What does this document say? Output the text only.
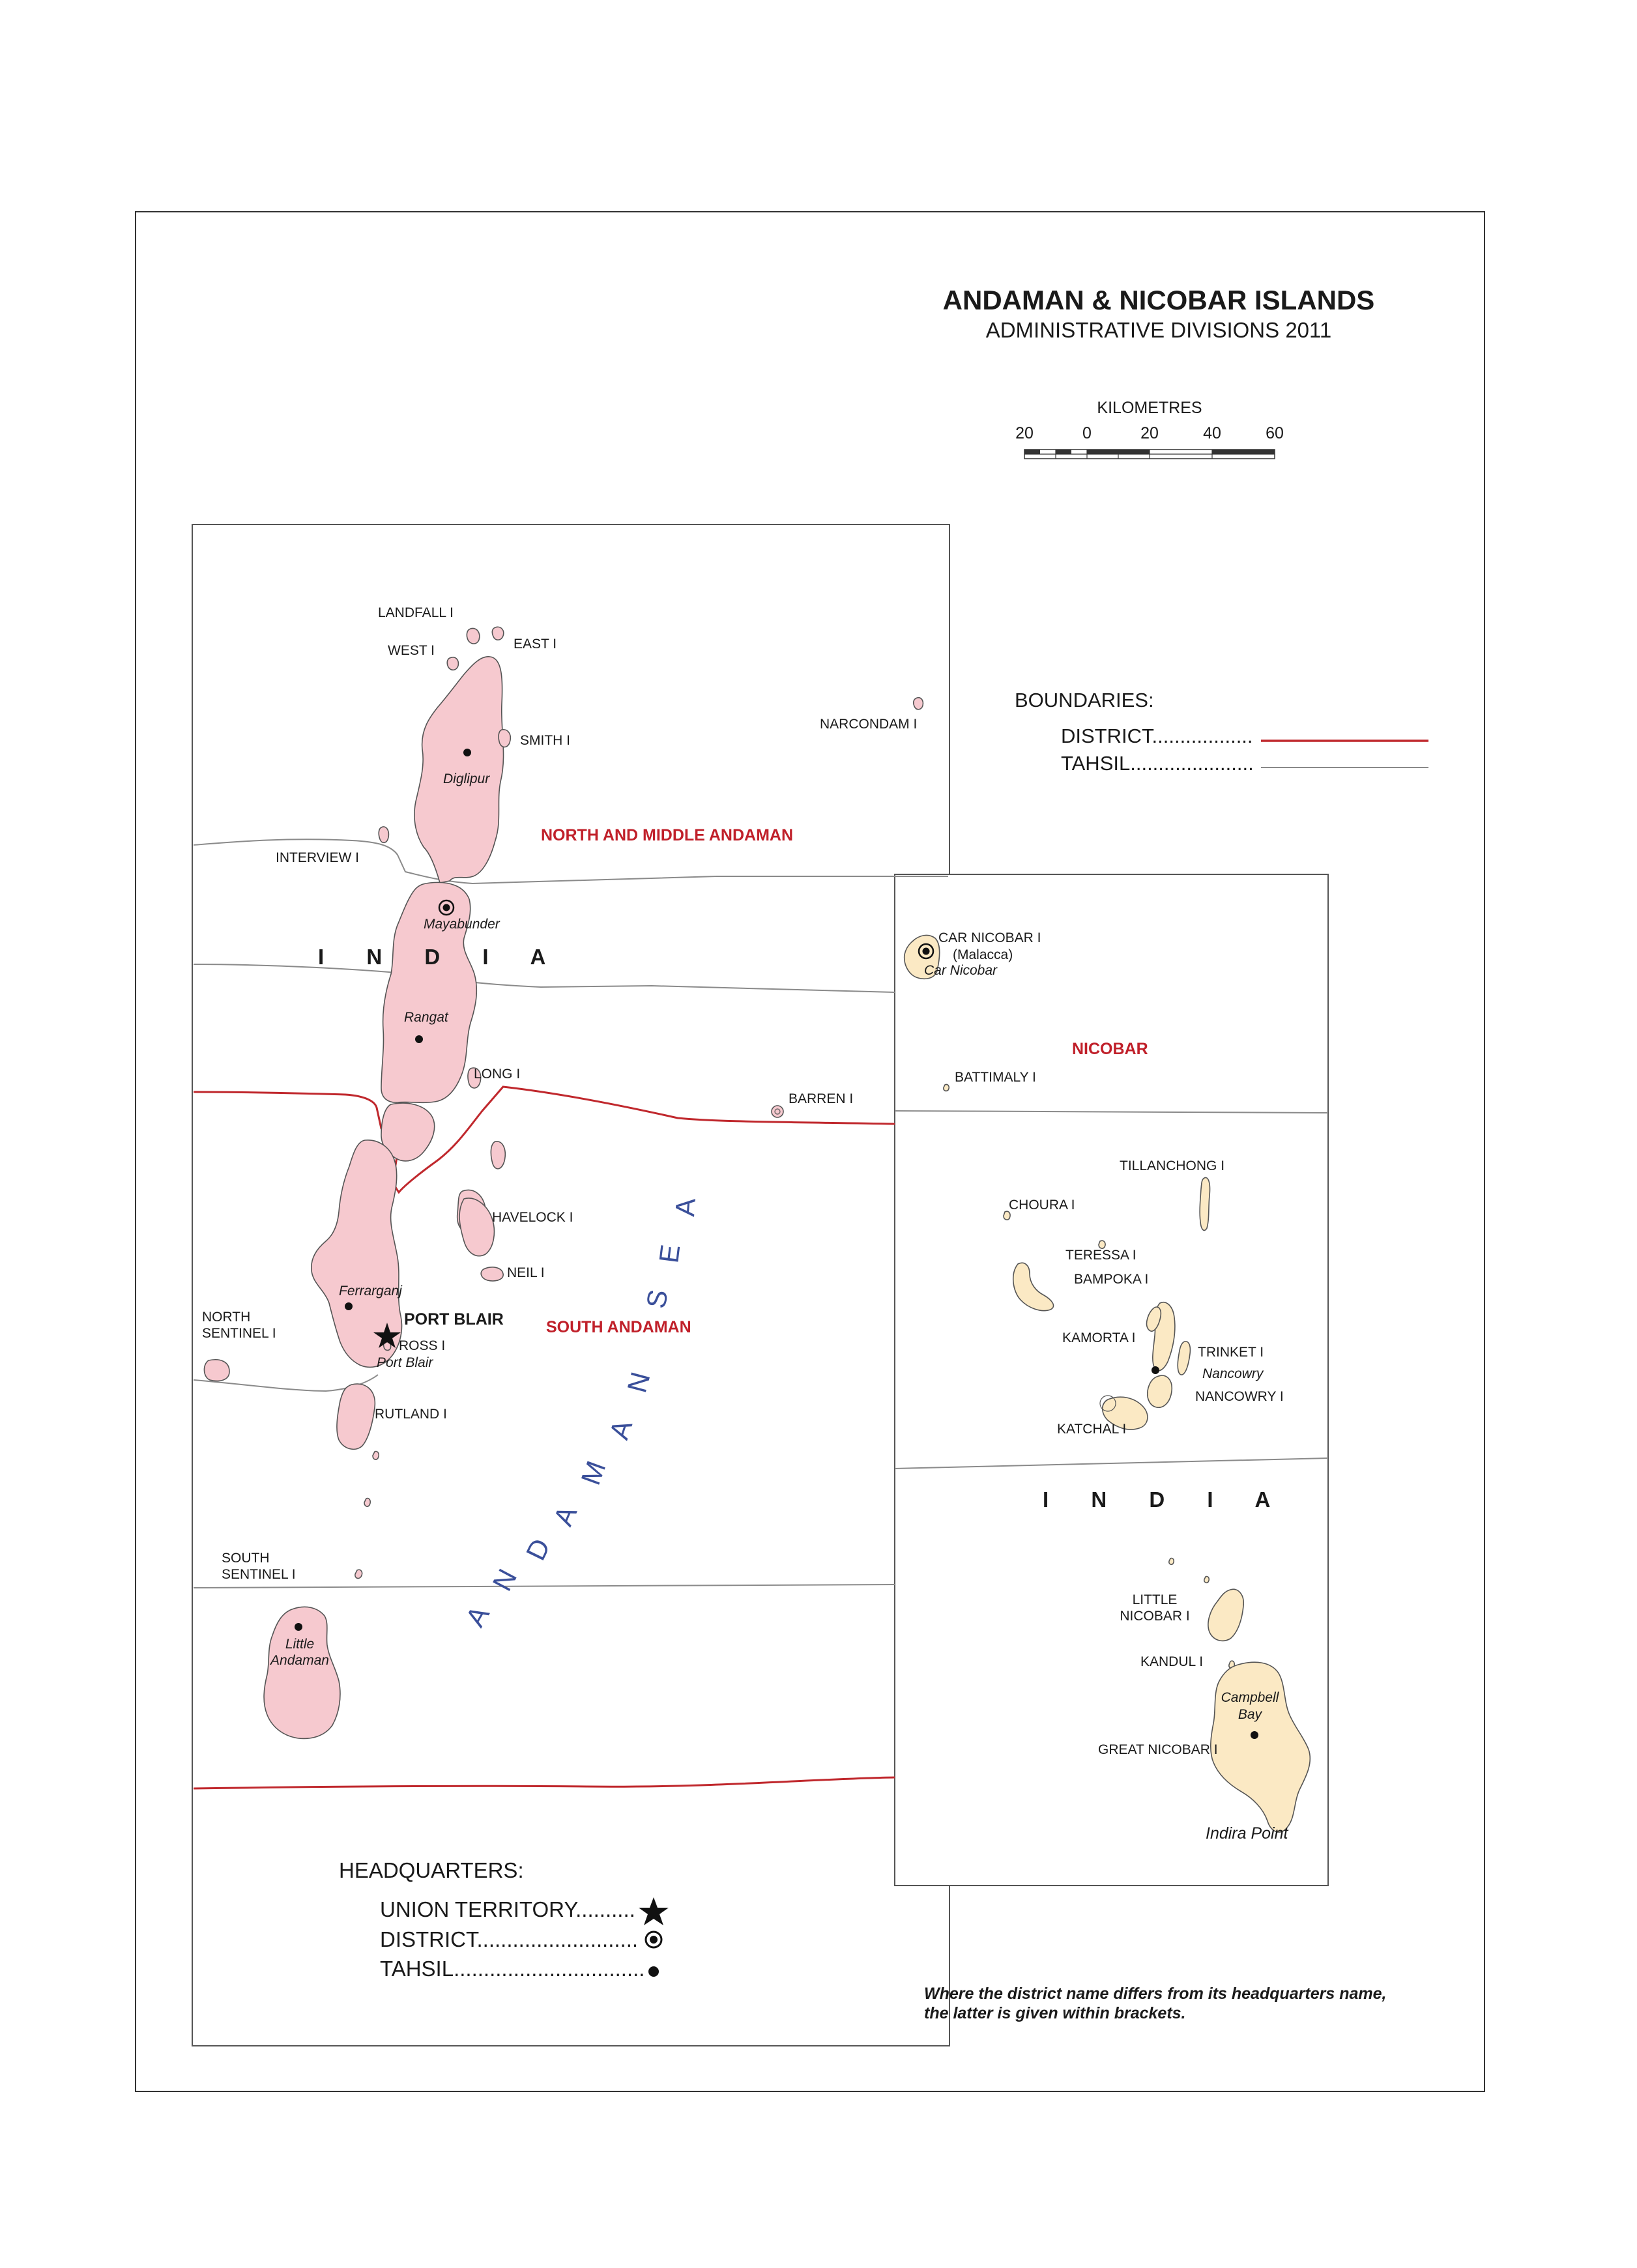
ANDAMAN & NICOBAR ISLANDS
ADMINISTRATIVE DIVISIONS 2011
KILOMETRES
20	0	20	40	60
BOUNDARIES:
DISTRICT..................
TAHSIL......................
LANDFALL I
WEST I	EAST I
SMITH I
NARCONDAM I
INTERVIEW I
LONG I
BARREN I
HAVELOCK I
NEIL I
NORTH
SENTINEL I
ROSS I
RUTLAND I
SOUTH
SENTINEL I
Diglipur
Mayabunder
Rangat
Ferrarganj
Port Blair
Little
Andaman
PORT BLAIR
NORTH AND MIDDLE ANDAMAN
SOUTH ANDAMAN
NICOBAR
I N D I A
I N D I A
A
N
D
A
M
A
N
S
E
A
CAR NICOBAR I
BATTIMALY I
TILLANCHONG I
CHOURA I
TERESSA I
BAMPOKA I
KAMORTA I
TRINKET I
NANCOWRY I
KATCHAL I
LITTLE
NICOBAR I
KANDUL I
GREAT NICOBAR I
(Malacca)
Car Nicobar
Nancowry
Campbell
Bay
Indira Point
HEADQUARTERS:
UNION TERRITORY..........
DISTRICT...........................
TAHSIL................................
Where the district name differs from its headquarters name,
the latter is given within brackets.
